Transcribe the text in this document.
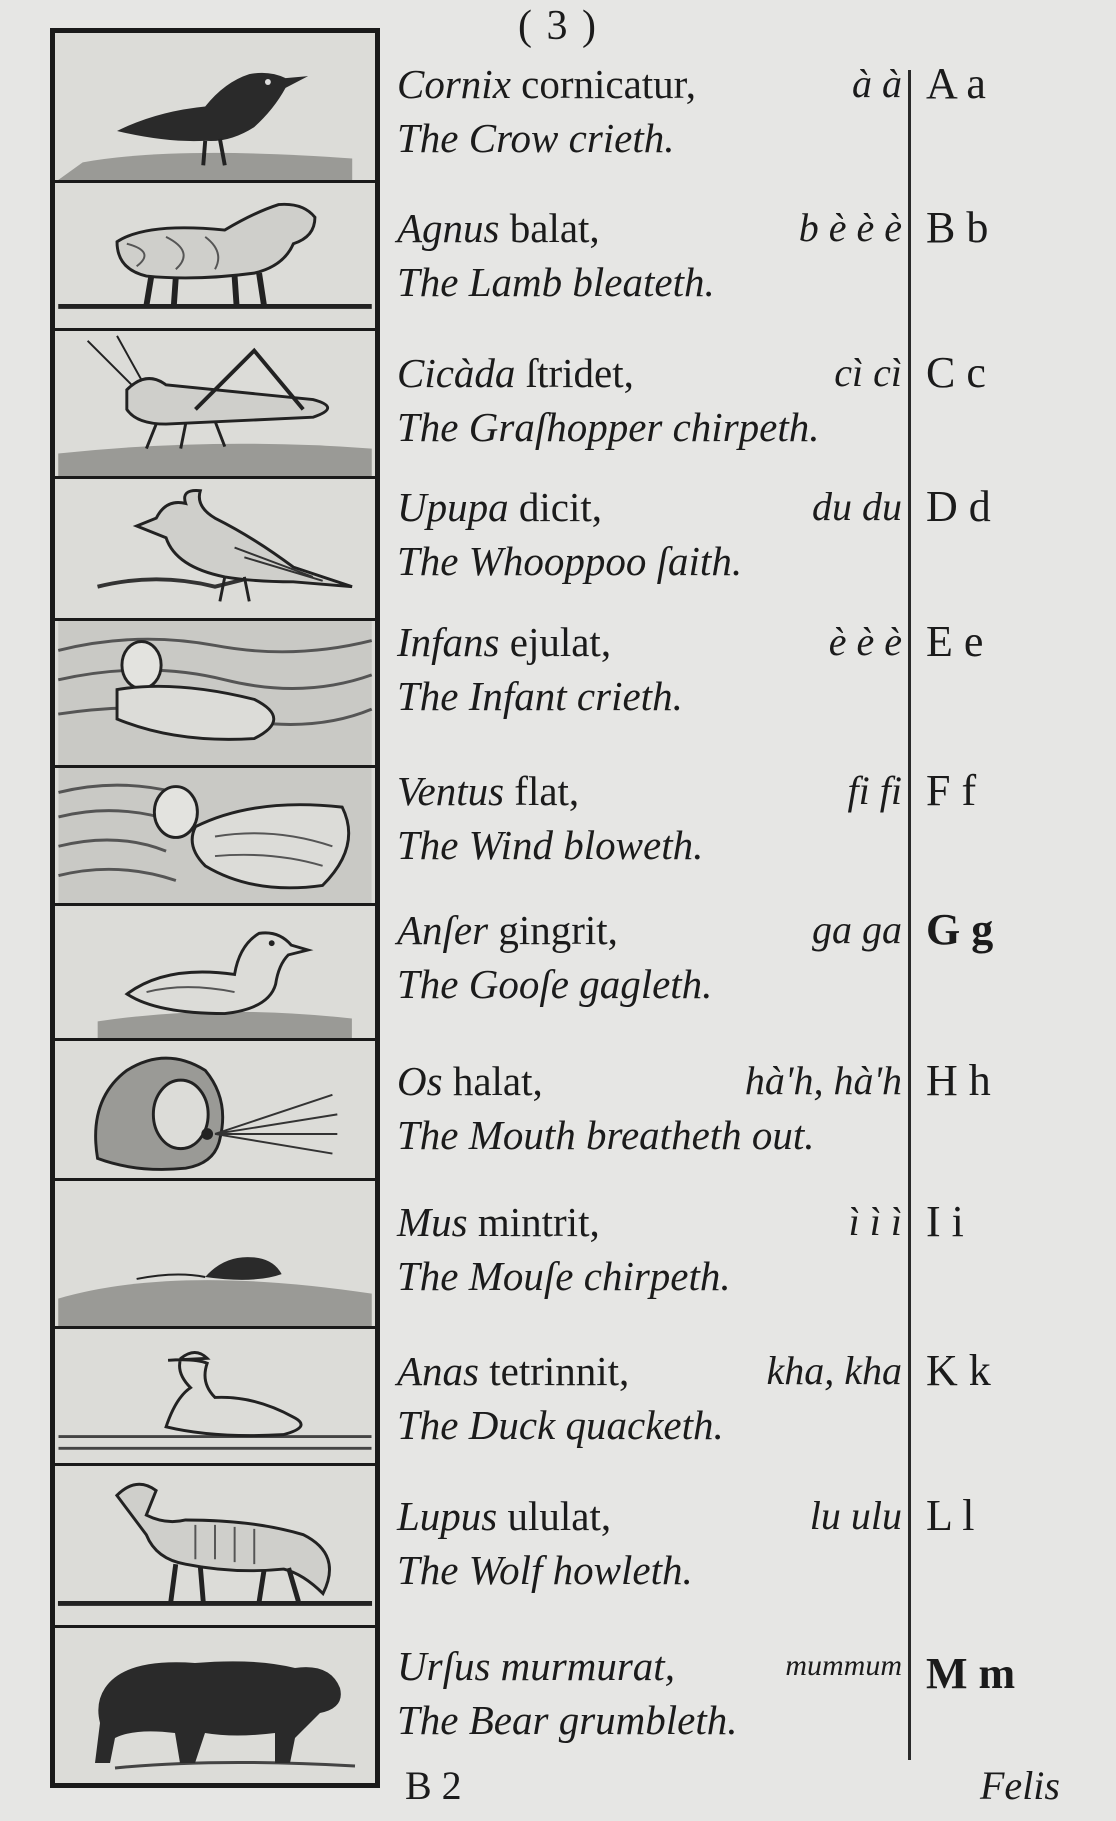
( 3 )
Cornix cornicatur,	à à
The Crow crieth.
A a
Agnus balat,	b è è è
The Lamb bleateth.
B b
Cicàda ſtridet,	cì cì
The Graſhopper chirpeth.
C c
Upupa dicit,	du du
The Whooppoo ſaith.
D d
Infans ejulat,	è è è
The Infant crieth.
E e
Ventus flat,	fi fi
The Wind bloweth.
F f
Anſer gingrit,	ga ga
The Gooſe gagleth.
G g
Os halat,	hà'h, hà'h
The Mouth breatheth out.
H h
Mus mintrit,	ì ì ì
The Mouſe chirpeth.
I i
Anas tetrinnit,	kha, kha
The Duck quacketh.
K k
Lupus ululat,	lu ulu
The Wolf howleth.
L l
Urſus murmurat,	mummum
The Bear grumbleth.
M m
B 2	Felis
